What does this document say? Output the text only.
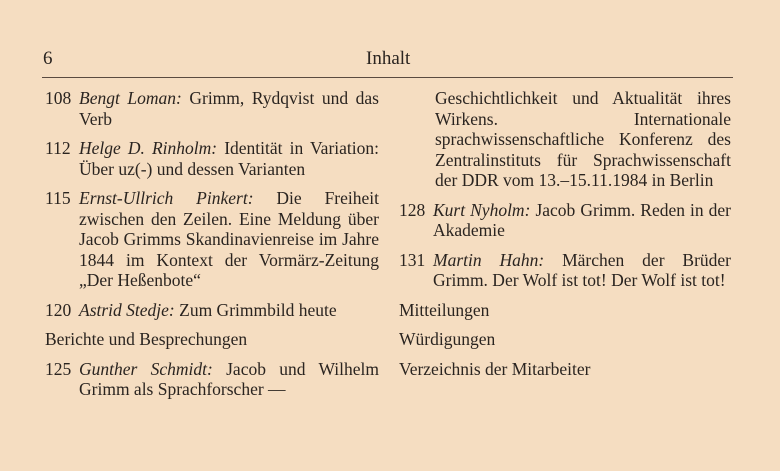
6	Inhalt
108 Bengt Loman: Grimm, Rydqvist und das Verb
112 Helge D. Rinholm: Identität in Variation: Über uz(-) und dessen Varianten
115 Ernst-Ullrich Pinkert: Die Freiheit zwischen den Zeilen. Eine Meldung über Jacob Grimms Skandinavienreise im Jahre 1844 im Kontext der Vormärz-Zeitung „Der Heßenbote“
120 Astrid Stedje: Zum Grimmbild heute
Berichte und Besprechungen
125 Gunther Schmidt: Jacob und Wilhelm Grimm als Sprachforscher —
Geschichtlichkeit und Aktualität ihres Wirkens. Internationale sprachwissenschaftliche Konferenz des Zentralinstituts für Sprachwissenschaft der DDR vom 13.–15.11.1984 in Berlin
128 Kurt Nyholm: Jacob Grimm. Reden in der Akademie
131 Martin Hahn: Märchen der Brüder Grimm. Der Wolf ist tot! Der Wolf ist tot!
Mitteilungen
Würdigungen
Verzeichnis der Mitarbeiter
